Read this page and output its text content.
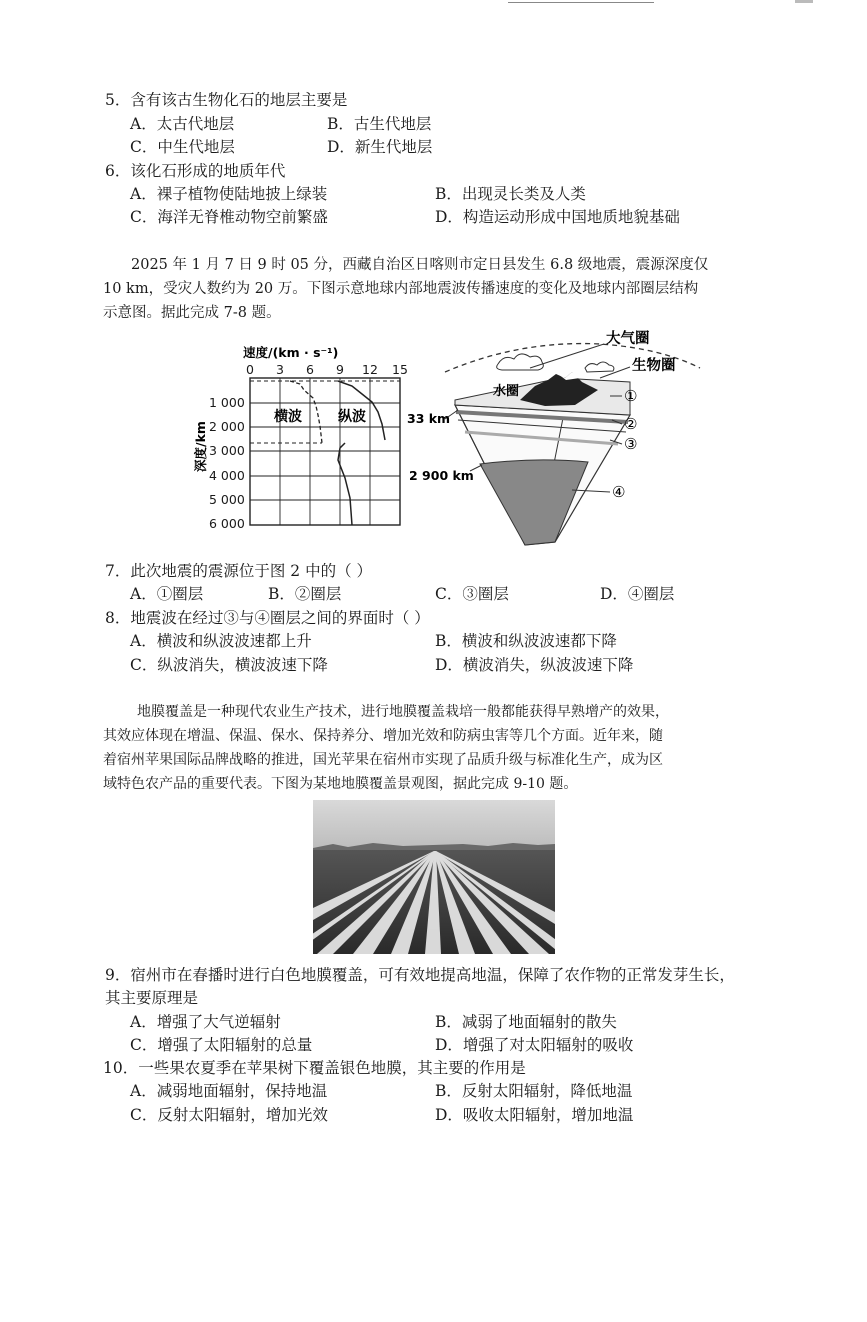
5．含有该古生物化石的地层主要是
A．太古代地层	B．古生代地层
C．中生代地层	D．新生代地层
6．该化石形成的地质年代
A．裸子植物使陆地披上绿装	B．出现灵长类及人类
C．海洋无脊椎动物空前繁盛	D．构造运动形成中国地质地貌基础
2025 年 1 月 7 日 9 时 05 分，西藏自治区日喀则市定日县发生 6.8 级地震，震源深度仅
10 km，受灾人数约为 20 万。下图示意地球内部地震波传播速度的变化及地球内部圈层结构
示意图。据此完成 7-8 题。
0 3 6 9 12 15
1 000
2 000
3 000
4 000
5 000
6 000
速度/(km · s⁻¹)
深度/km
横波	纵波
大气圈
生物圈
水圈
33 km
2 900 km
①
②
③
④
7．此次地震的震源位于图 2 中的（ ）
A．①圈层	B．②圈层	C．③圈层	D．④圈层
8．地震波在经过③与④圈层之间的界面时（ ）
A．横波和纵波波速都上升	B．横波和纵波波速都下降
C．纵波消失，横波波速下降	D．横波消失，纵波波速下降
地膜覆盖是一种现代农业生产技术，进行地膜覆盖栽培一般都能获得早熟增产的效果，
其效应体现在增温、保温、保水、保持养分、增加光效和防病虫害等几个方面。近年来，随
着宿州苹果国际品牌战略的推进，国光苹果在宿州市实现了品质升级与标准化生产，成为区
域特色农产品的重要代表。下图为某地地膜覆盖景观图，据此完成 9-10 题。
9．宿州市在春播时进行白色地膜覆盖，可有效地提高地温，保障了农作物的正常发芽生长，
其主要原理是
A．增强了大气逆辐射	B．减弱了地面辐射的散失
C．增强了太阳辐射的总量	D．增强了对太阳辐射的吸收
10．一些果农夏季在苹果树下覆盖银色地膜，其主要的作用是
A．减弱地面辐射，保持地温	B．反射太阳辐射，降低地温
C．反射太阳辐射，增加光效	D．吸收太阳辐射，增加地温
